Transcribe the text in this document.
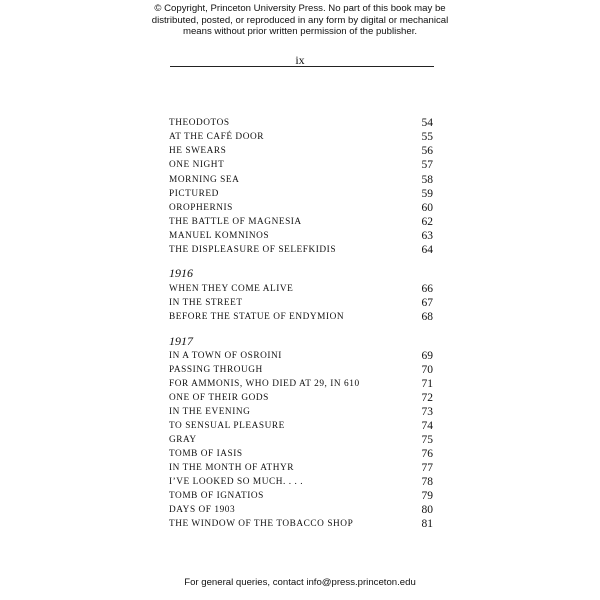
© Copyright, Princeton University Press. No part of this book may be
distributed, posted, or reproduced in any form by digital or mechanical
means without prior written permission of the publisher.
ix
THEODOTOS	54
AT THE CAFÉ DOOR	55
HE SWEARS	56
ONE NIGHT	57
MORNING SEA	58
PICTURED	59
OROPHERNIS	60
THE BATTLE OF MAGNESIA	62
MANUEL KOMNINOS	63
THE DISPLEASURE OF SELEFKIDIS	64
1916
WHEN THEY COME ALIVE	66
IN THE STREET	67
BEFORE THE STATUE OF ENDYMION	68
1917
IN A TOWN OF OSROINI	69
PASSING THROUGH	70
FOR AMMONIS, WHO DIED AT 29, IN 610	71
ONE OF THEIR GODS	72
IN THE EVENING	73
TO SENSUAL PLEASURE	74
GRAY	75
TOMB OF IASIS	76
IN THE MONTH OF ATHYR	77
I’VE LOOKED SO MUCH. . . .	78
TOMB OF IGNATIOS	79
DAYS OF 1903	80
THE WINDOW OF THE TOBACCO SHOP	81
For general queries, contact info@press.princeton.edu
